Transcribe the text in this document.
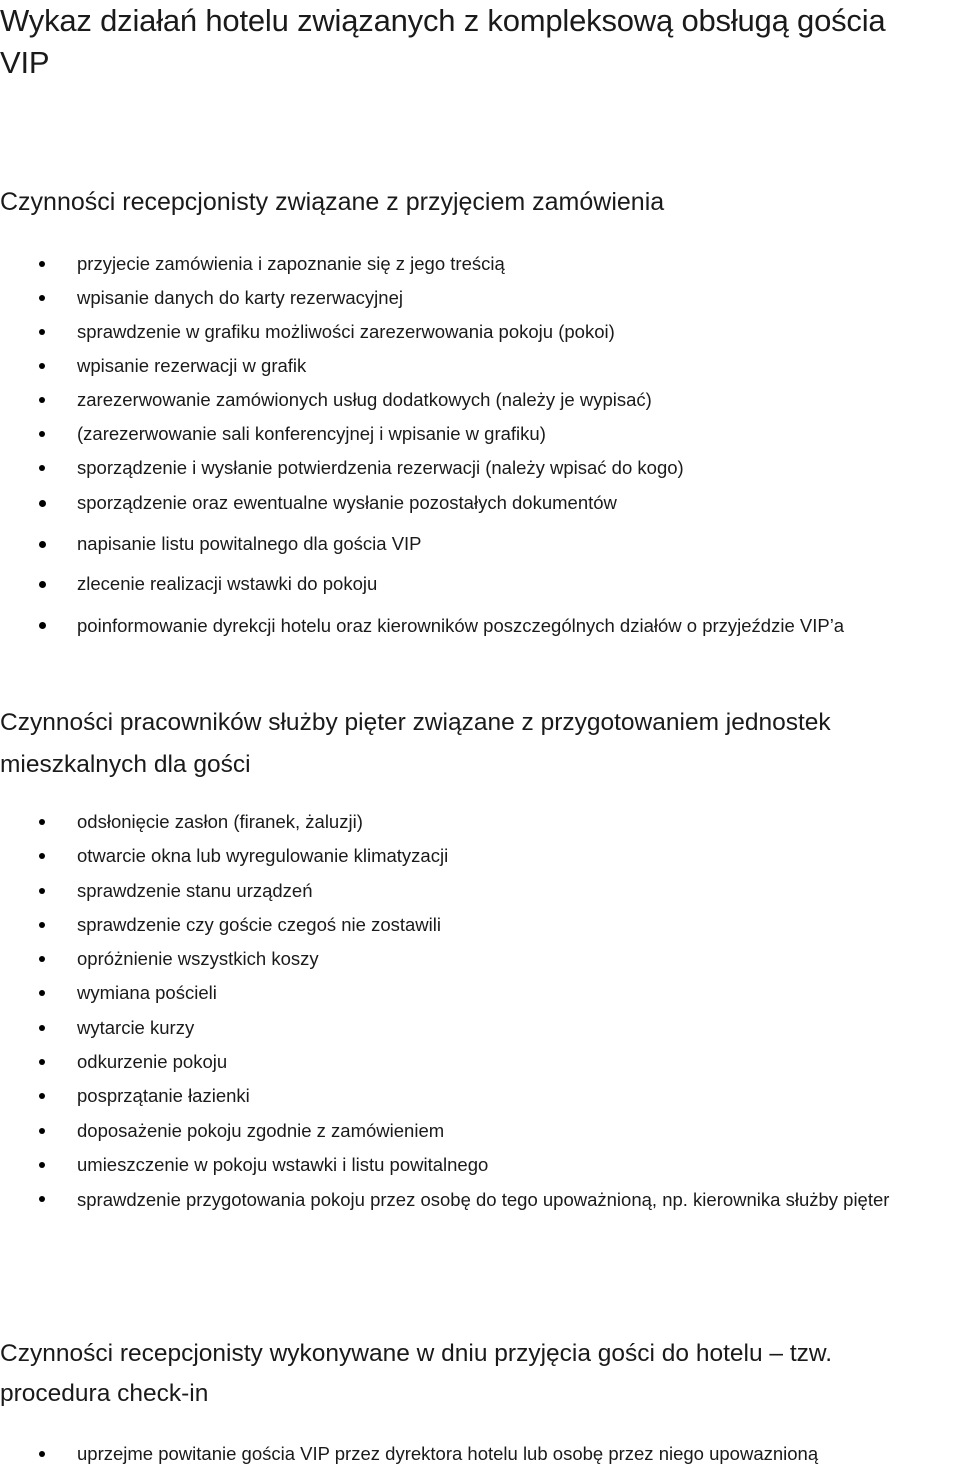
Wykaz działań hotelu związanych z kompleksową obsługą gościa VIP
Czynności recepcjonisty związane z przyjęciem zamówienia
przyjecie zamówienia i zapoznanie się z jego treścią
wpisanie danych do karty rezerwacyjnej
sprawdzenie w grafiku możliwości zarezerwowania pokoju (pokoi)
wpisanie rezerwacji w grafik
zarezerwowanie zamówionych usług dodatkowych (należy je wypisać)
(zarezerwowanie sali konferencyjnej i wpisanie w grafiku)
sporządzenie i wysłanie potwierdzenia rezerwacji (należy wpisać do kogo)
sporządzenie oraz ewentualne wysłanie pozostałych dokumentów
napisanie listu powitalnego dla gościa VIP
zlecenie realizacji wstawki do pokoju
poinformowanie dyrekcji hotelu oraz kierowników poszczególnych działów o przyjeździe VIP’a
Czynności pracowników służby pięter związane z przygotowaniem jednostek mieszkalnych dla gości
odsłonięcie zasłon (firanek, żaluzji)
otwarcie okna lub wyregulowanie klimatyzacji
sprawdzenie stanu urządzeń
sprawdzenie czy goście czegoś nie zostawili
opróżnienie wszystkich koszy
wymiana pościeli
wytarcie kurzy
odkurzenie pokoju
posprzątanie łazienki
doposażenie pokoju zgodnie z zamówieniem
umieszczenie w pokoju wstawki i listu powitalnego
sprawdzenie przygotowania pokoju przez osobę do tego upoważnioną, np. kierownika służby pięter
Czynności recepcjonisty wykonywane w dniu przyjęcia gości do hotelu – tzw. procedura check-in
uprzejme powitanie gościa VIP przez dyrektora hotelu lub osobę przez niego upowaznioną
